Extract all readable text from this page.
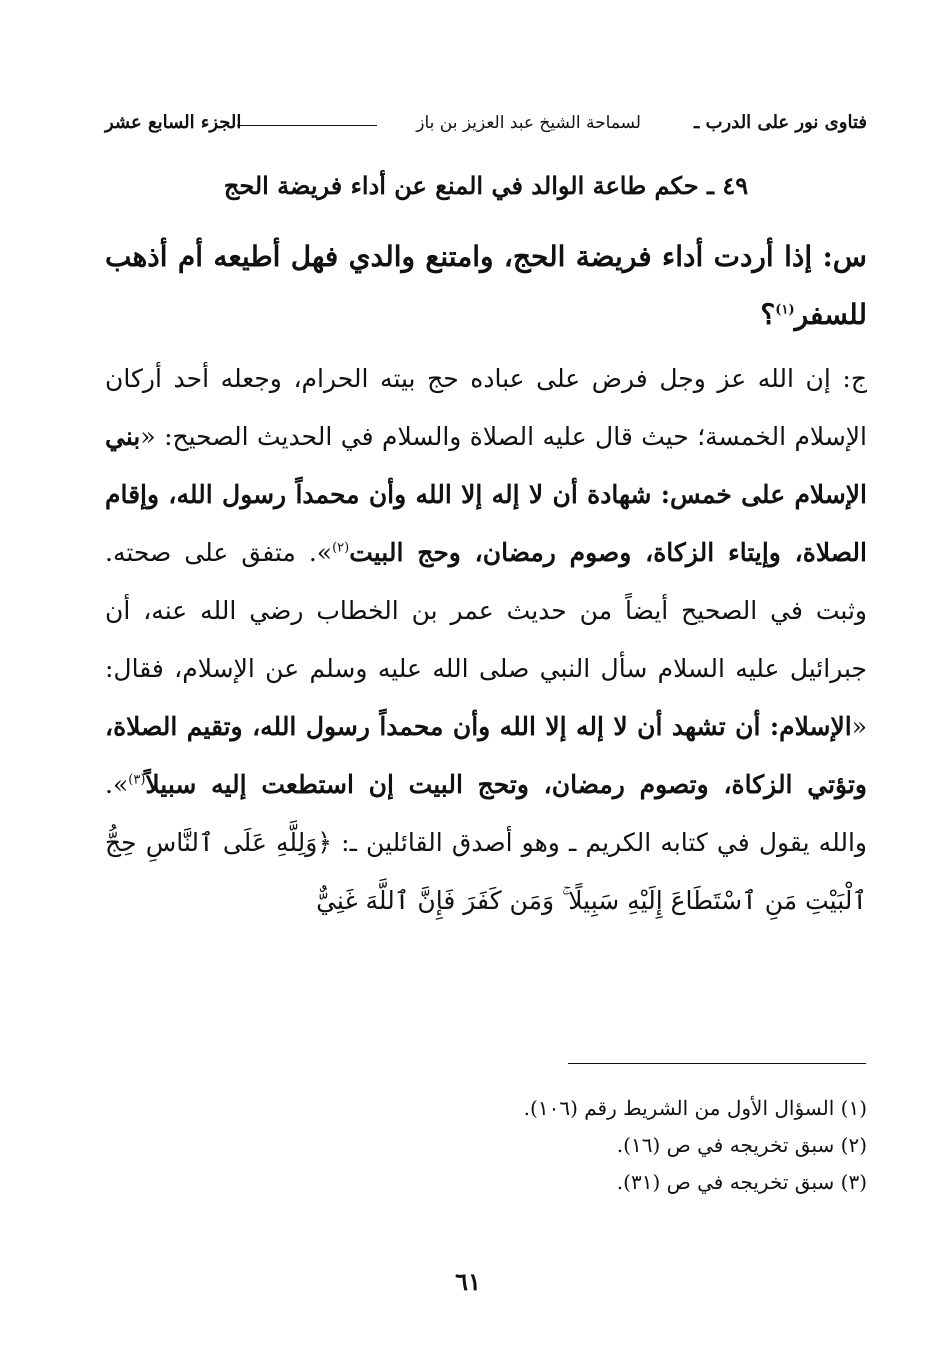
فتاوى نور على الدرب ـ
لسماحة الشيخ عبد العزيز بن باز
الجزء السابع عشر
٤٩ ـ حكم طاعة الوالد في المنع عن أداء فريضة الحج
س: إذا أردت أداء فريضة الحج، وامتنع والدي فهل أطيعه أم أذهب للسفر$^{(١)}$؟
ج: إن الله عز وجل فرض على عباده حج بيته الحرام، وجعله أحد أركان الإسلام الخمسة؛ حيث قال عليه الصلاة والسلام في الحديث الصحيح: «بني الإسلام على خمس: شهادة أن لا إله إلا الله وأن محمداً رسول الله، وإقام الصلاة، وإيتاء الزكاة، وصوم رمضان، وحج البيت$^{(٢)}$». متفق على صحته. وثبت في الصحيح أيضاً من حديث عمر بن الخطاب رضي الله عنه، أن جبرائيل عليه السلام سأل النبي صلى الله عليه وسلم عن الإسلام، فقال: «الإسلام: أن تشهد أن لا إله إلا الله وأن محمداً رسول الله، وتقيم الصلاة، وتؤتي الزكاة، وتصوم رمضان، وتحج البيت إن استطعت إليه سبيلاً$^{(٣)}$». والله يقول في كتابه الكريم ـ وهو أصدق القائلين ـ: ﴿وَلِلَّهِ عَلَى ٱلنَّاسِ حِجُّ ٱلْبَيْتِ مَنِ ٱسْتَطَاعَ إِلَيْهِ سَبِيلًا ۚ وَمَن كَفَرَ فَإِنَّ ٱللَّهَ غَنِيٌّ
(١) السؤال الأول من الشريط رقم (١٠٦).
(٢) سبق تخريجه في ص (١٦).
(٣) سبق تخريجه في ص (٣١).
٦١
